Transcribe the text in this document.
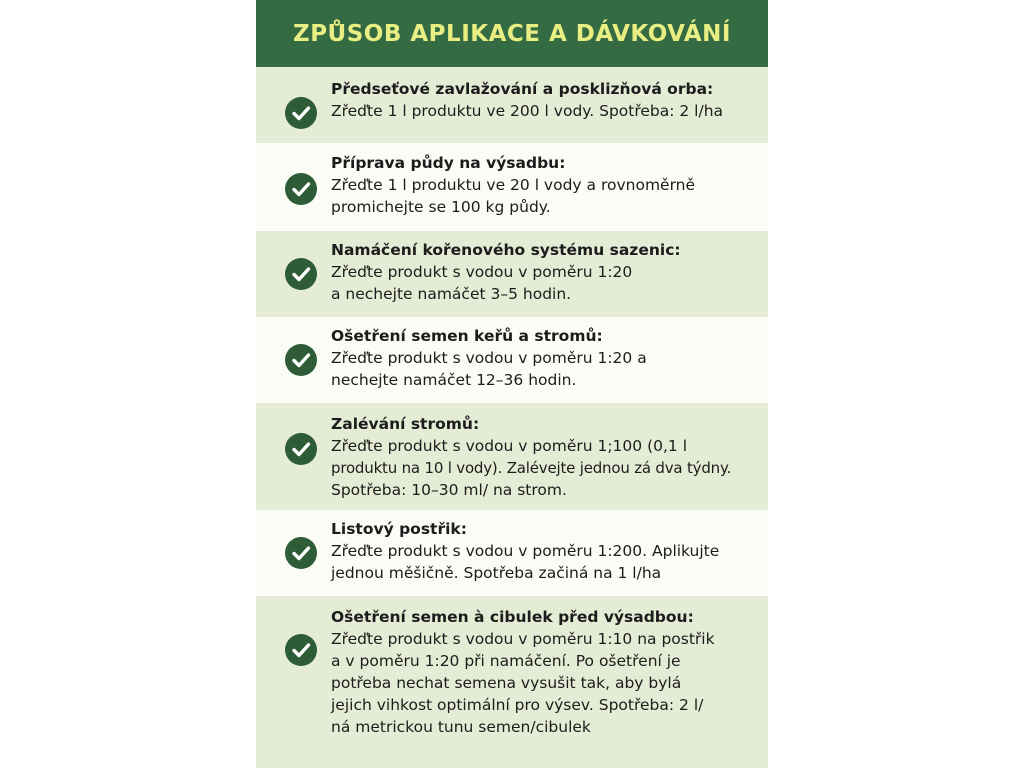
ZPŮSOB APLIKACE A DÁVKOVÁNÍ
Předseťové zavlažování a posklizňová orba:
Zřeďte 1 l produktu ve 200 l vody. Spotřeba: 2 l/ha
Příprava půdy na výsadbu:
Zřeďte 1 l produktu ve 20 l vody a rovnoměrně
promichejte se 100 kg půdy.
Namáčení kořenového systému sazenic:
Zřeďte produkt s vodou v poměru 1:20
a nechejte namáčet 3–5 hodin.
Ošetření semen keřů a stromů:
Zřeďte produkt s vodou v poměru 1:20 a
nechejte namáčet 12–36 hodin.
Zalévání stromů:
Zřeďte produkt s vodou v poměru 1;100 (0,1 l
produktu na 10 l vody). Zalévejte jednou zá dva týdny.
Spotřeba: 10–30 ml/ na strom.
Listový postřik:
Zřeďte produkt s vodou v poměru 1:200. Aplikujte
jednou měšičně. Spotřeba začiná na 1 l/ha
Ošetření semen à cibulek před výsadbou:
Zřeďte produkt s vodou v poměru 1:10 na postřik
a v poměru 1:20 při namáčení. Po ošetření je
potřeba nechat semena vysušit tak, aby bylá
jejich vihkost optimální pro výsev. Spotřeba: 2 l/
ná metrickou tunu semen/cibulek
